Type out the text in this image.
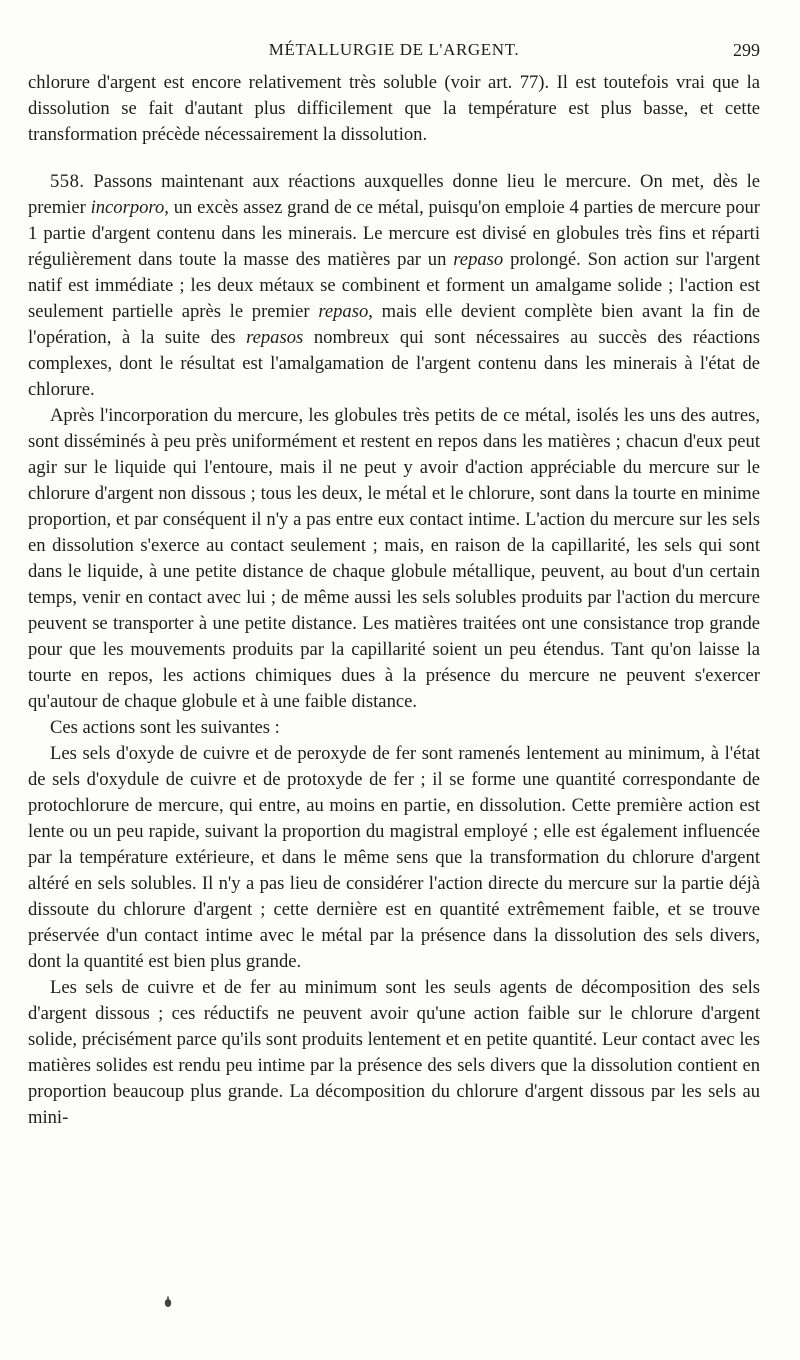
MÉTALLURGIE DE L'ARGENT.	299

chlorure d'argent est encore relativement très soluble (voir art. 77). Il est toutefois vrai que la dissolution se fait d'autant plus difficilement que la température est plus basse, et cette transformation précède nécessairement la dissolution.

558. Passons maintenant aux réactions auxquelles donne lieu le mercure. On met, dès le premier incorporo, un excès assez grand de ce métal, puisqu'on emploie 4 parties de mercure pour 1 partie d'argent contenu dans les minerais. Le mercure est divisé en globules très fins et réparti régulièrement dans toute la masse des matières par un repaso prolongé. Son action sur l'argent natif est immédiate ; les deux métaux se combinent et forment un amalgame solide ; l'action est seulement partielle après le premier repaso, mais elle devient complète bien avant la fin de l'opération, à la suite des repasos nombreux qui sont nécessaires au succès des réactions complexes, dont le résultat est l'amalgamation de l'argent contenu dans les minerais à l'état de chlorure.

Après l'incorporation du mercure, les globules très petits de ce métal, isolés les uns des autres, sont disséminés à peu près uniformément et restent en repos dans les matières ; chacun d'eux peut agir sur le liquide qui l'entoure, mais il ne peut y avoir d'action appréciable du mercure sur le chlorure d'argent non dissous ; tous les deux, le métal et le chlorure, sont dans la tourte en minime proportion, et par conséquent il n'y a pas entre eux contact intime. L'action du mercure sur les sels en dissolution s'exerce au contact seulement ; mais, en raison de la capillarité, les sels qui sont dans le liquide, à une petite distance de chaque globule métallique, peuvent, au bout d'un certain temps, venir en contact avec lui ; de même aussi les sels solubles produits par l'action du mercure peuvent se transporter à une petite distance. Les matières traitées ont une consistance trop grande pour que les mouvements produits par la capillarité soient un peu étendus. Tant qu'on laisse la tourte en repos, les actions chimiques dues à la présence du mercure ne peuvent s'exercer qu'autour de chaque globule et à une faible distance.

Ces actions sont les suivantes :

Les sels d'oxyde de cuivre et de peroxyde de fer sont ramenés lentement au minimum, à l'état de sels d'oxydule de cuivre et de protoxyde de fer ; il se forme une quantité correspondante de protochlorure de mercure, qui entre, au moins en partie, en dissolution. Cette première action est lente ou un peu rapide, suivant la proportion du magistral employé ; elle est également influencée par la température extérieure, et dans le même sens que la transformation du chlorure d'argent altéré en sels solubles. Il n'y a pas lieu de considérer l'action directe du mercure sur la partie déjà dissoute du chlorure d'argent ; cette dernière est en quantité extrêmement faible, et se trouve préservée d'un contact intime avec le métal par la présence dans la dissolution des sels divers, dont la quantité est bien plus grande.

Les sels de cuivre et de fer au minimum sont les seuls agents de décomposition des sels d'argent dissous ; ces réductifs ne peuvent avoir qu'une action faible sur le chlorure d'argent solide, précisément parce qu'ils sont produits lentement et en petite quantité. Leur contact avec les matières solides est rendu peu intime par la présence des sels divers que la dissolution contient en proportion beaucoup plus grande. La décomposition du chlorure d'argent dissous par les sels au mini-
